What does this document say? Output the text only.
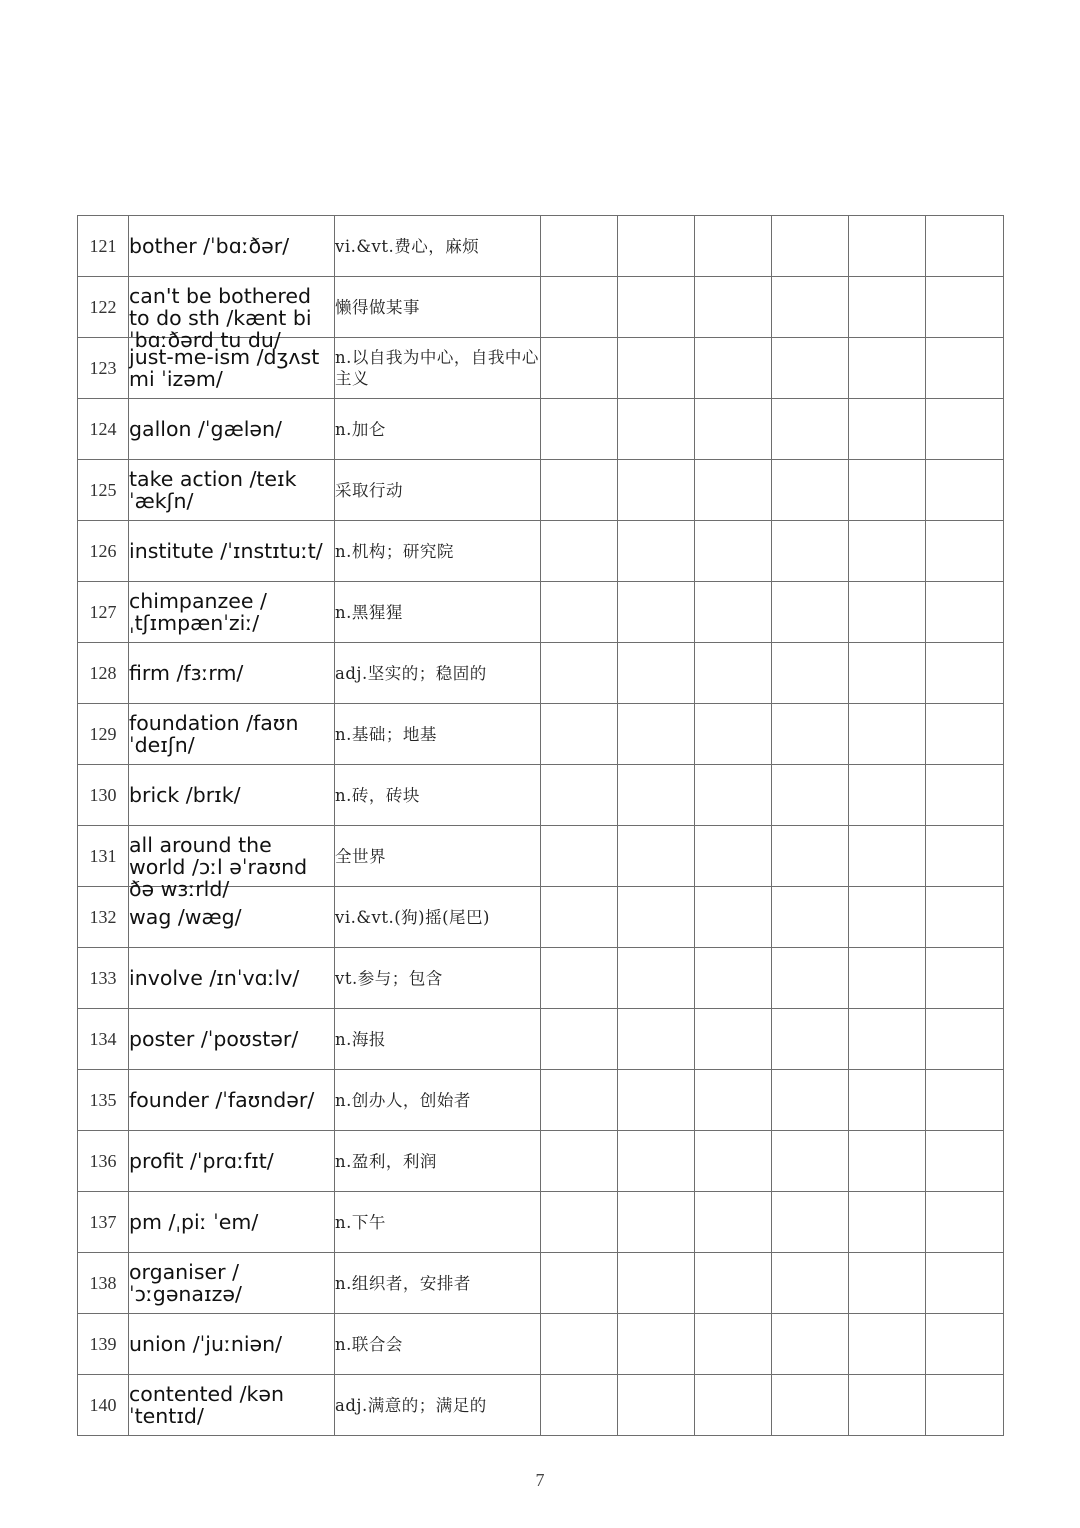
121	bother /ˈbɑːðər/	vi.&vt.费心，麻烦						
122	can't be bothered to do sth /kænt bi ˈbɑːðərd tu du/	懒得做某事						
123	just-me-ism /dʒʌst mi ˈizəm/	n.以自我为中心，自我中心主义						
124	gallon /ˈgælən/	n.加仑						
125	take action /teɪk ˈækʃn/	采取行动						
126	institute /ˈɪnstɪtuːt/	n.机构；研究院						
127	chimpanzee /ˌtʃɪmpænˈziː/	n.黑猩猩						
128	firm /fɜːrm/	adj.坚实的；稳固的						
129	foundation /faʊnˈdeɪʃn/	n.基础；地基						
130	brick /brɪk/	n.砖，砖块						
131	all around the world /ɔːl əˈraʊnd ðə wɜːrld/	全世界						
132	wag /wæg/	vi.&vt.(狗)摇(尾巴)						
133	involve /ɪnˈvɑːlv/	vt.参与；包含						
134	poster /ˈpoʊstər/	n.海报						
135	founder /ˈfaʊndər/	n.创办人，创始者						
136	profit /ˈprɑːfɪt/	n.盈利，利润						
137	pm /ˌpiː ˈem/	n.下午						
138	organiser /ˈɔːgənaɪzə/	n.组织者，安排者						
139	union /ˈjuːniən/	n.联合会						
140	contented /kənˈtentɪd/	adj.满意的；满足的						
7
